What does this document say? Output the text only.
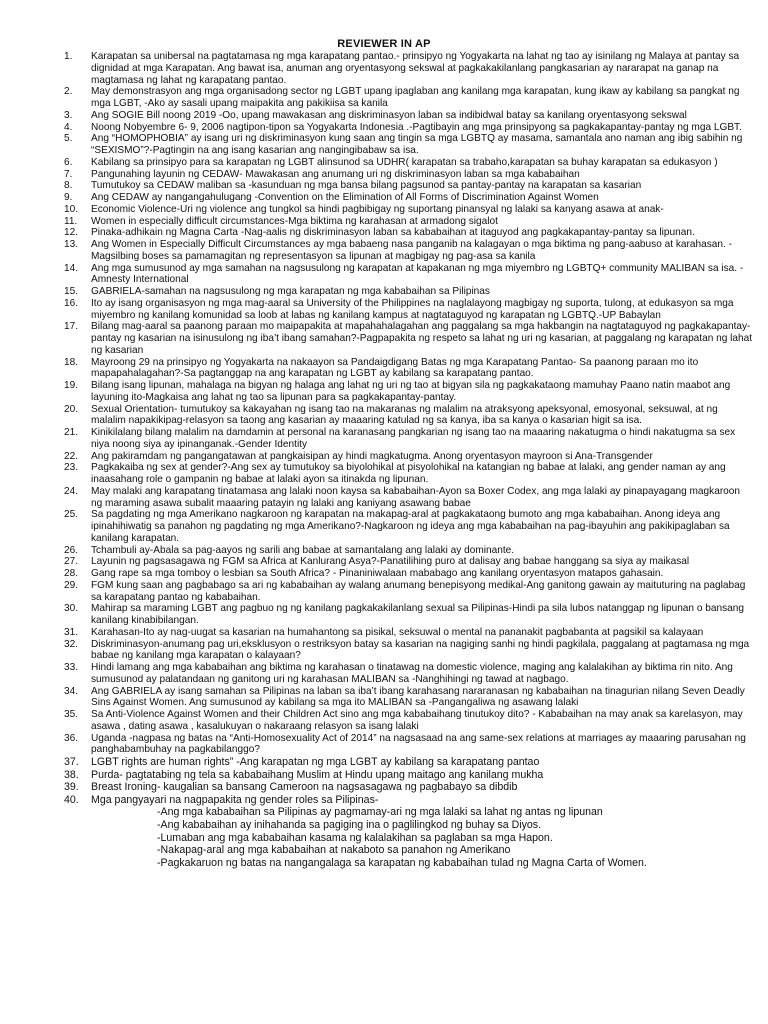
REVIEWER IN AP
1.	Karapatan sa unibersal na pagtatamasa ng mga karapatang pantao.- prinsipyo ng Yogyakarta na lahat ng tao ay isinilang ng Malaya at pantay sa dignidad at mga Karapatan. Ang bawat isa, anuman ang oryentasyong sekswal at pagkakakilanlang pangkasarian ay nararapat na ganap na magtamasa ng lahat ng karapatang pantao.
2.	May demonstrasyon ang mga organisadong sector ng LGBT upang ipaglaban ang kanilang mga karapatan, kung ikaw ay kabilang sa pangkat ng mga LGBT, -Ako ay sasali upang maipakita ang pakikiisa sa kanila
3.	Ang SOGIE Bill noong 2019 -Oo, upang mawakasan ang diskriminasyon laban sa indibidwal batay sa kanilang oryentasyong sekswal
4.	Noong Nobyembre 6- 9, 2006 nagtipon-tipon sa Yogyakarta Indonesia .-Pagtibayin ang mga prinsipyong sa pagkakapantay-pantay ng mga LGBT.
5.	Ang “HOMOPHOBIA” ay isang uri ng diskriminasyon kung saan ang tingin sa mga LGBTQ ay masama, samantala ano naman ang ibig sabihin ng “SEXISMO”?-Pagtingin na ang isang kasarian ang nangingibabaw sa isa.
6.	Kabilang sa prinsipyo para sa karapatan ng LGBT alinsunod sa UDHR( karapatan sa trabaho,karapatan sa buhay karapatan sa edukasyon )
7.	Pangunahing layunin ng CEDAW- Mawakasan ang anumang uri ng diskriminasyon laban sa mga kababaihan
8.	Tumutukoy sa CEDAW maliban sa -kasunduan ng mga bansa bilang pagsunod sa pantay-pantay na karapatan sa kasarian
9.	Ang CEDAW ay nangangahulugang -Convention on the Elimination of All Forms of Discrimination Against Women
10.	Economic Violence-Uri ng violence ang tungkol sa hindi pagbibigay ng suportang pinansyal ng lalaki sa kanyang asawa at anak-
11.	Women in especially difficult circumstances-Mga biktima ng karahasan at armadong sigalot
12.	Pinaka-adhikain ng Magna Carta -Nag-aalis ng diskriminasyon laban sa kababaihan at itaguyod ang pagkakapantay-pantay sa lipunan.
13.	Ang Women in Especially Difficult Circumstances ay mga babaeng nasa panganib na kalagayan o mga biktima ng pang-aabuso at karahasan. -Magsilbing boses sa pamamagitan ng representasyon sa lipunan at magbigay ng pag-asa sa kanila
14.	Ang mga sumusunod ay mga samahan na nagsusulong ng karapatan at kapakanan ng mga miyembro ng LGBTQ+ community MALIBAN sa isa. -Amnesty International
15.	GABRIELA-samahan na nagsusulong ng mga karapatan ng mga kababaihan sa Pilipinas
16.	Ito ay isang organisasyon ng mga mag-aaral sa University of the Philippines na naglalayong magbigay ng suporta, tulong, at edukasyon sa mga miyembro ng kanilang komunidad sa loob at labas ng kanilang kampus at nagtataguyod ng karapatan ng LGBTQ.-UP Babaylan
17.	Bilang mag-aaral sa paanong paraan mo maipapakita at mapahahalagahan ang paggalang sa mga hakbangin na nagtataguyod ng pagkakapantay-pantay ng kasarian na isinusulong ng iba’t ibang samahan?-Pagpapakita ng respeto sa lahat ng uri ng kasarian, at paggalang ng karapatan ng lahat ng kasarian
18.	Mayroong 29 na prinsipyo ng Yogyakarta na nakaayon sa Pandaigdigang Batas ng mga Karapatang Pantao- Sa paanong paraan mo ito mapapahalagahan?-Sa pagtanggap na ang karapatan ng LGBT ay kabilang sa karapatang pantao.
19.	Bilang isang lipunan, mahalaga na bigyan ng halaga ang lahat ng uri ng tao at bigyan sila ng pagkakataong mamuhay Paano natin maabot ang layuning ito-Magkaisa ang lahat ng tao sa lipunan para sa pagkakapantay-pantay.
20.	Sexual Orientation- tumutukoy sa kakayahan ng isang tao na makaranas ng malalim na atraksyong apeksyonal, emosyonal, seksuwal, at ng malalim napakikipag-relasyon sa taong ang kasarian ay maaaring katulad ng sa kanya, iba sa kanya o kasarian higit sa isa.
21.	Kinikilalang bilang malalim na damdamin at personal na karanasang pangkarian ng isang tao na maaaring nakatugma o hindi nakatugma sa sex niya noong siya ay ipinanganak.-Gender Identity
22.	Ang pakiramdam ng pangangatawan at pangkaisipan ay hindi magkatugma. Anong oryentasyon mayroon si Ana-Transgender
23.	Pagkakaiba ng sex at gender?-Ang sex ay tumutukoy sa biyolohikal at pisyolohikal na katangian ng babae at lalaki, ang gender naman ay ang inaasahang role o gampanin ng babae at lalaki ayon sa itinakda ng lipunan.
24.	May malaki ang karapatang tinatamasa ang lalaki noon kaysa sa kababaihan-Ayon sa Boxer Codex, ang mga lalaki ay pinapayagang magkaroon ng maraming asawa subalit maaaring patayin ng lalaki ang kaniyang asawang babae
25.	Sa pagdating ng mga Amerikano nagkaroon ng karapatan na makapag-aral at pagkakataong bumoto ang mga kababaihan. Anong ideya ang ipinahihiwatig sa panahon ng pagdating ng mga Amerikano?-Nagkaroon ng ideya ang mga kababaihan na pag-ibayuhin ang pakikipaglaban sa kanilang karapatan.
26.	Tchambuli ay-Abala sa pag-aayos ng sarili ang babae at samantalang ang lalaki ay dominante.
27.	Layunin ng pagsasagawa ng FGM sa Africa at Kanlurang Asya?-Panatilihing puro at dalisay ang babae hanggang sa siya ay maikasal
28.	Gang rape sa mga tomboy o lesbian sa South Africa? - Pinaniniwalaan mababago ang kanilang oryentasyon matapos gahasain.
29.	FGM kung saan ang pagbabago sa ari ng kababaihan ay walang anumang benepisyong medikal-Ang ganitong gawain ay maituturing na paglabag sa karapatang pantao ng kababaihan.
30.	Mahirap sa maraming LGBT ang pagbuo ng ng kanilang pagkakakilanlang sexual sa Pilipinas-Hindi pa sila lubos natanggap ng lipunan o bansang kanilang kinabibilangan.
31.	Karahasan-Ito ay nag-uugat sa kasarian na humahantong sa pisikal, seksuwal o mental na pananakit pagbabanta at pagsikil sa kalayaan
32.	Diskriminasyon-anumang pag uri,eksklusyon o restriksyon batay sa kasarian na nagiging sanhi ng hindi pagkilala, paggalang at pagtamasa ng mga babae ng kanilang mga karapatan o kalayaan?
33.	Hindi lamang ang mga kababaihan ang biktima ng karahasan o tinatawag na domestic violence, maging ang kalalakihan ay biktima rin nito. Ang sumusunod ay palatandaan ng ganitong uri ng karahasan MALIBAN sa -Nanghihingi ng tawad at nagbago.
34.	Ang GABRIELA ay isang samahan sa Pilipinas na laban sa iba’t ibang karahasang nararanasan ng kababaihan na tinagurian nilang Seven Deadly Sins Against Women. Ang sumusunod ay kabilang sa mga ito MALIBAN sa -Pangangaliwa ng asawang lalaki
35.	Sa Anti-Violence Against Women and their Children Act sino ang mga kababaihang tinutukoy dito? - Kababaihan na may anak sa karelasyon, may asawa , dating asawa , kasalukuyan o nakaraang relasyon sa isang lalaki
36.	Uganda -nagpasa ng batas na “Anti-Homosexuality Act of 2014” na nagsasaad na ang same-sex relations at marriages ay maaaring parusahan ng panghabambuhay na pagkabilanggo?
37.	LGBT rights are human rights” -Ang karapatan ng mga LGBT ay kabilang sa karapatang pantao
38.	Purda- pagtatabing ng tela sa kababaihang Muslim at Hindu upang maitago ang kanilang mukha
39.	Breast Ironing- kaugalian sa bansang Cameroon na nagsasagawa ng pagbabayo sa dibdib
40.	Mga pangyayari na nagpapakita ng gender roles sa Pilipinas-
-Ang mga kababaihan sa Pilipinas ay pagmamay-ari ng mga lalaki sa lahat ng antas ng lipunan
-Ang kababaihan ay inihahanda sa pagiging ina o paglilingkod ng buhay sa Diyos.
-Lumaban ang mga kababaihan kasama ng kalalakihan sa paglaban sa mga Hapon.
-Nakapag-aral ang mga kababaihan at nakaboto sa panahon ng Amerikano
-Pagkakaruon ng batas na nangangalaga sa karapatan ng kababaihan tulad ng Magna Carta of Women.
